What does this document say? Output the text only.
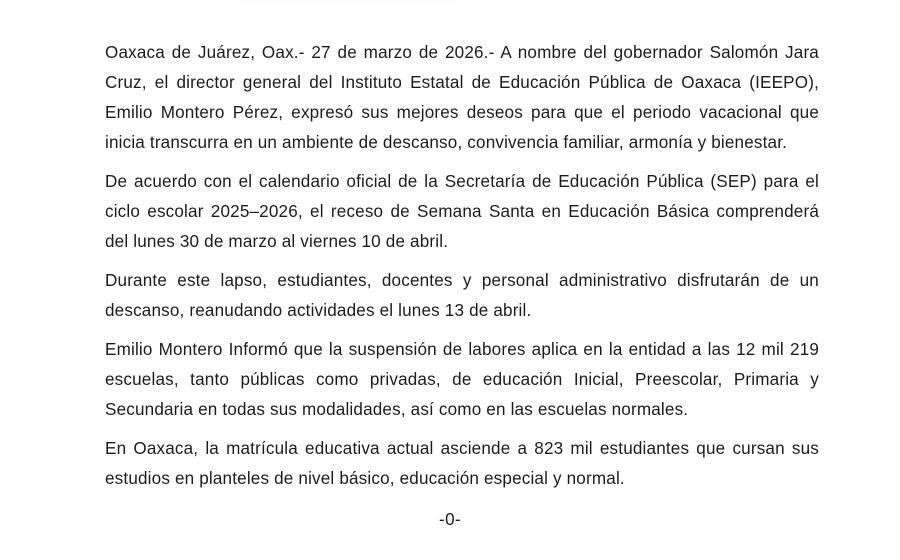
Oaxaca de Juárez, Oax.- 27 de marzo de 2026.- A nombre del gobernador Salomón Jara Cruz, el director general del Instituto Estatal de Educación Pública de Oaxaca (IEEPO), Emilio Montero Pérez, expresó sus mejores deseos para que el periodo vacacional que inicia transcurra en un ambiente de descanso, convivencia familiar, armonía y bienestar.

De acuerdo con el calendario oficial de la Secretaría de Educación Pública (SEP) para el ciclo escolar 2025–2026, el receso de Semana Santa en Educación Básica comprenderá del lunes 30 de marzo al viernes 10 de abril.

Durante este lapso, estudiantes, docentes y personal administrativo disfrutarán de un descanso, reanudando actividades el lunes 13 de abril.

Emilio Montero Informó que la suspensión de labores aplica en la entidad a las 12 mil 219 escuelas, tanto públicas como privadas, de educación Inicial, Preescolar, Primaria y Secundaria en todas sus modalidades, así como en las escuelas normales.

En Oaxaca, la matrícula educativa actual asciende a 823 mil estudiantes que cursan sus estudios en planteles de nivel básico, educación especial y normal.

-0-
